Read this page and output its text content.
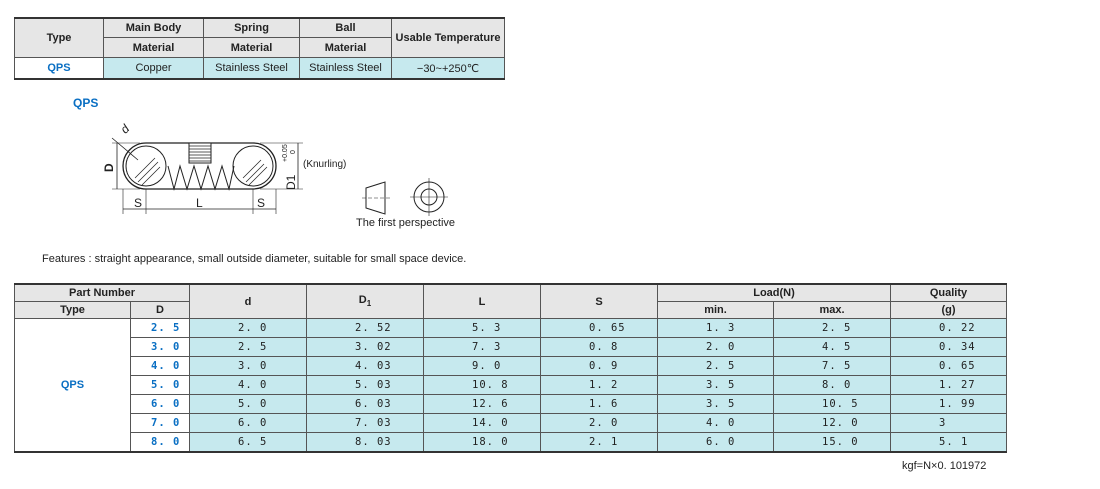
Type	Main Body	Spring	Ball	Usable Temperature
	Material	Material	Material	
QPS	Copper	Stainless Steel	Stainless Steel	−30~+250℃
QPS
d
D
D1
+0.05 0
S	L	S
(Knurling)
The first perspective
Features : straight appearance, small outside diameter, suitable for small space device.
Part Number		d	$D_1$	L	S	Load(N)		Quality
Type	D					min.	max.	(g)
QPS	2. 5	2. 0	2. 52	5. 3	0. 65	1. 3	2. 5	0. 22
	3. 0	2. 5	3. 02	7. 3	0. 8	2. 0	4. 5	0. 34
	4. 0	3. 0	4. 03	9. 0	0. 9	2. 5	7. 5	0. 65
	5. 0	4. 0	5. 03	10. 8	1. 2	3. 5	8. 0	1. 27
	6. 0	5. 0	6. 03	12. 6	1. 6	3. 5	10. 5	1. 99
	7. 0	6. 0	7. 03	14. 0	2. 0	4. 0	12. 0	3
	8. 0	6. 5	8. 03	18. 0	2. 1	6. 0	15. 0	5. 1
kgf=N×0. 101972
